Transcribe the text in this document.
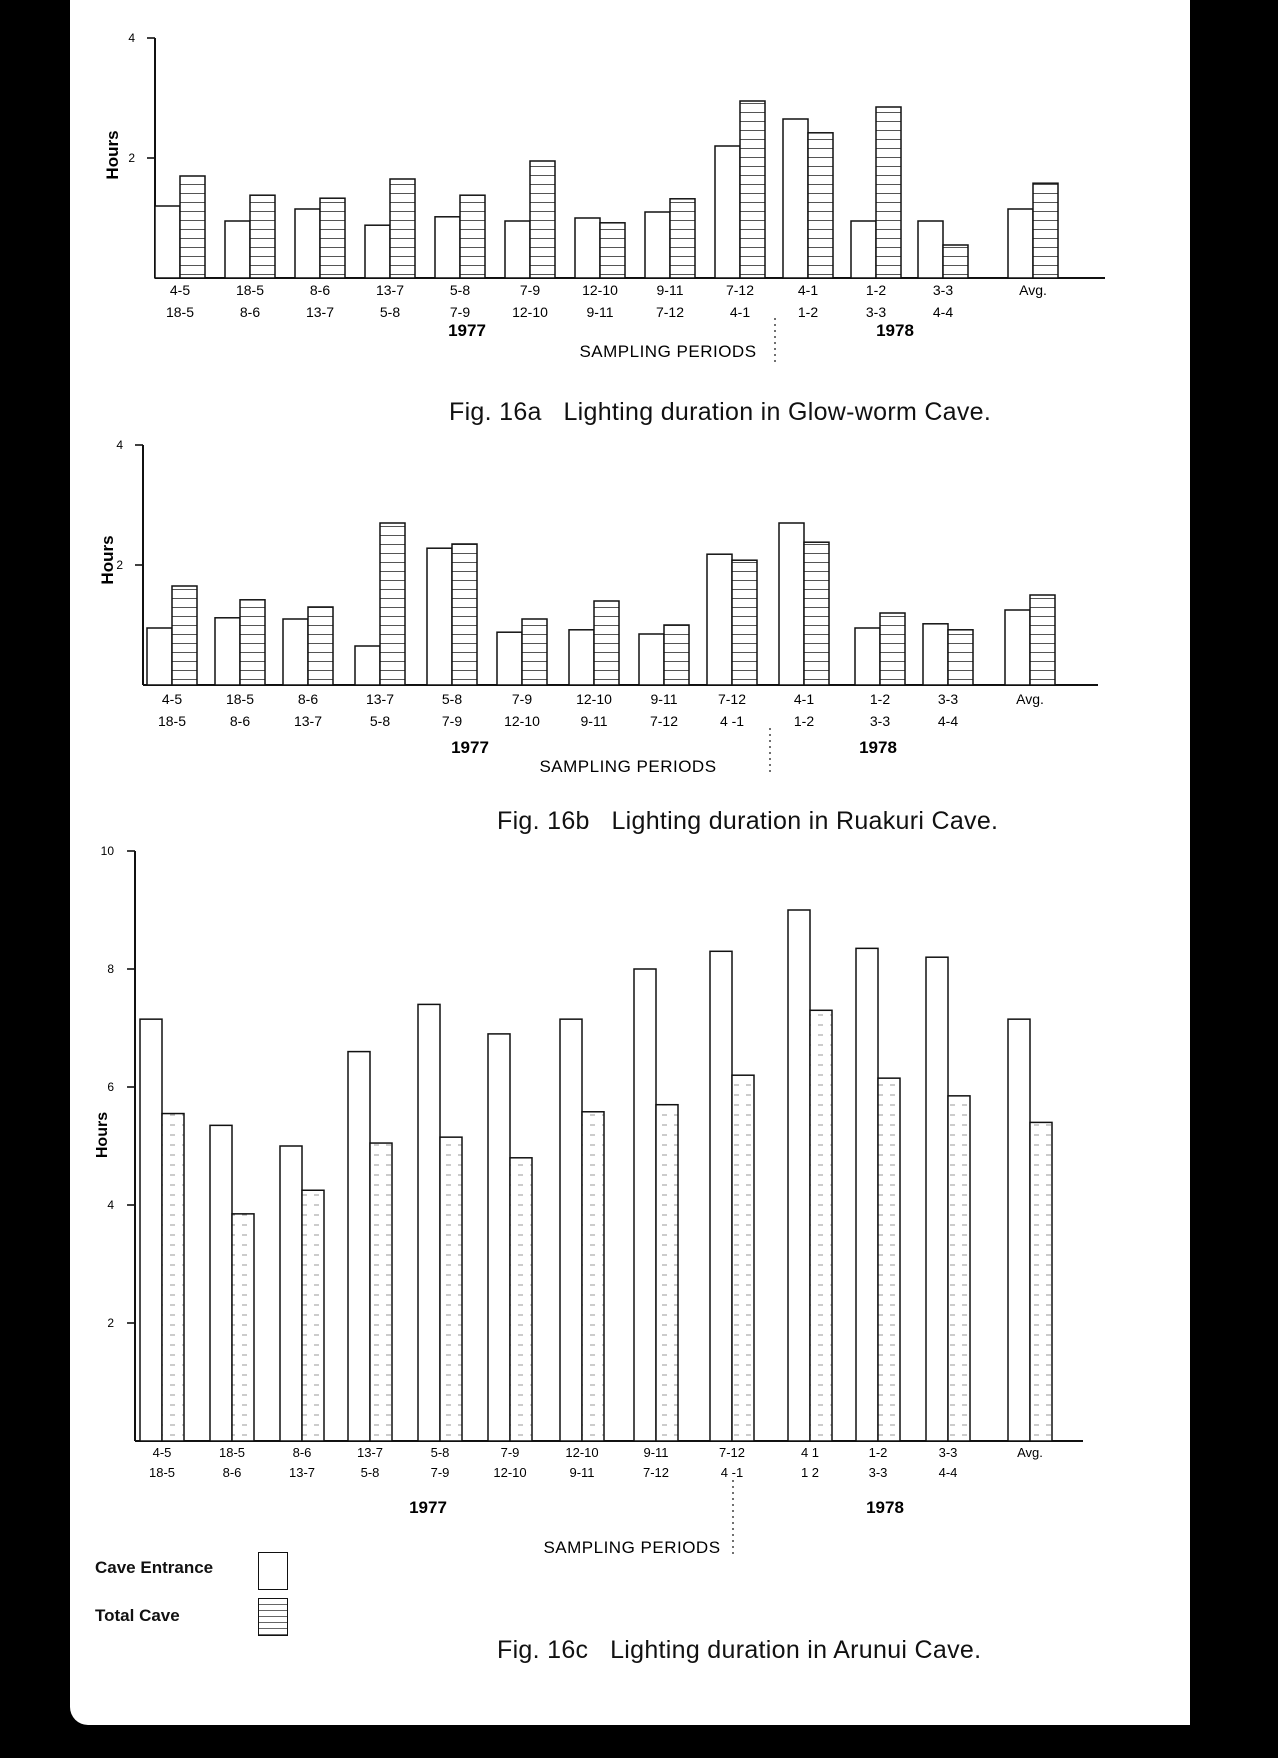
2
4
Hours
4-5
18-5
18-5
8-6
8-6
13-7
13-7
5-8
5-8
7-9
7-9
12-10
12-10
9-11
9-11
7-12
7-12
4-1
4-1
1-2
1-2
3-3
3-3
4-4
Avg.
1977	1978
SAMPLING PERIODS
2
4
Hours
4-5
18-5
18-5
8-6
8-6
13-7
13-7
5-8
5-8
7-9
7-9
12-10
12-10
9-11
9-11
7-12
7-12
4 -1
4-1
1-2
1-2
3-3
3-3
4-4
Avg.
1977	1978
SAMPLING PERIODS
2
4
6
8
10
Hours
4-5
18-5
18-5
8-6
8-6
13-7
13-7
5-8
5-8
7-9
7-9
12-10
12-10
9-11
9-11
7-12
7-12
4 -1
4 1
1 2
1-2
3-3
3-3
4-4
Avg.
1977	1978
SAMPLING PERIODS
Fig. 16a   Lighting duration in Glow-worm Cave.
Fig. 16b   Lighting duration in Ruakuri Cave.
Fig. 16c   Lighting duration in Arunui Cave.
Cave Entrance
Total Cave
